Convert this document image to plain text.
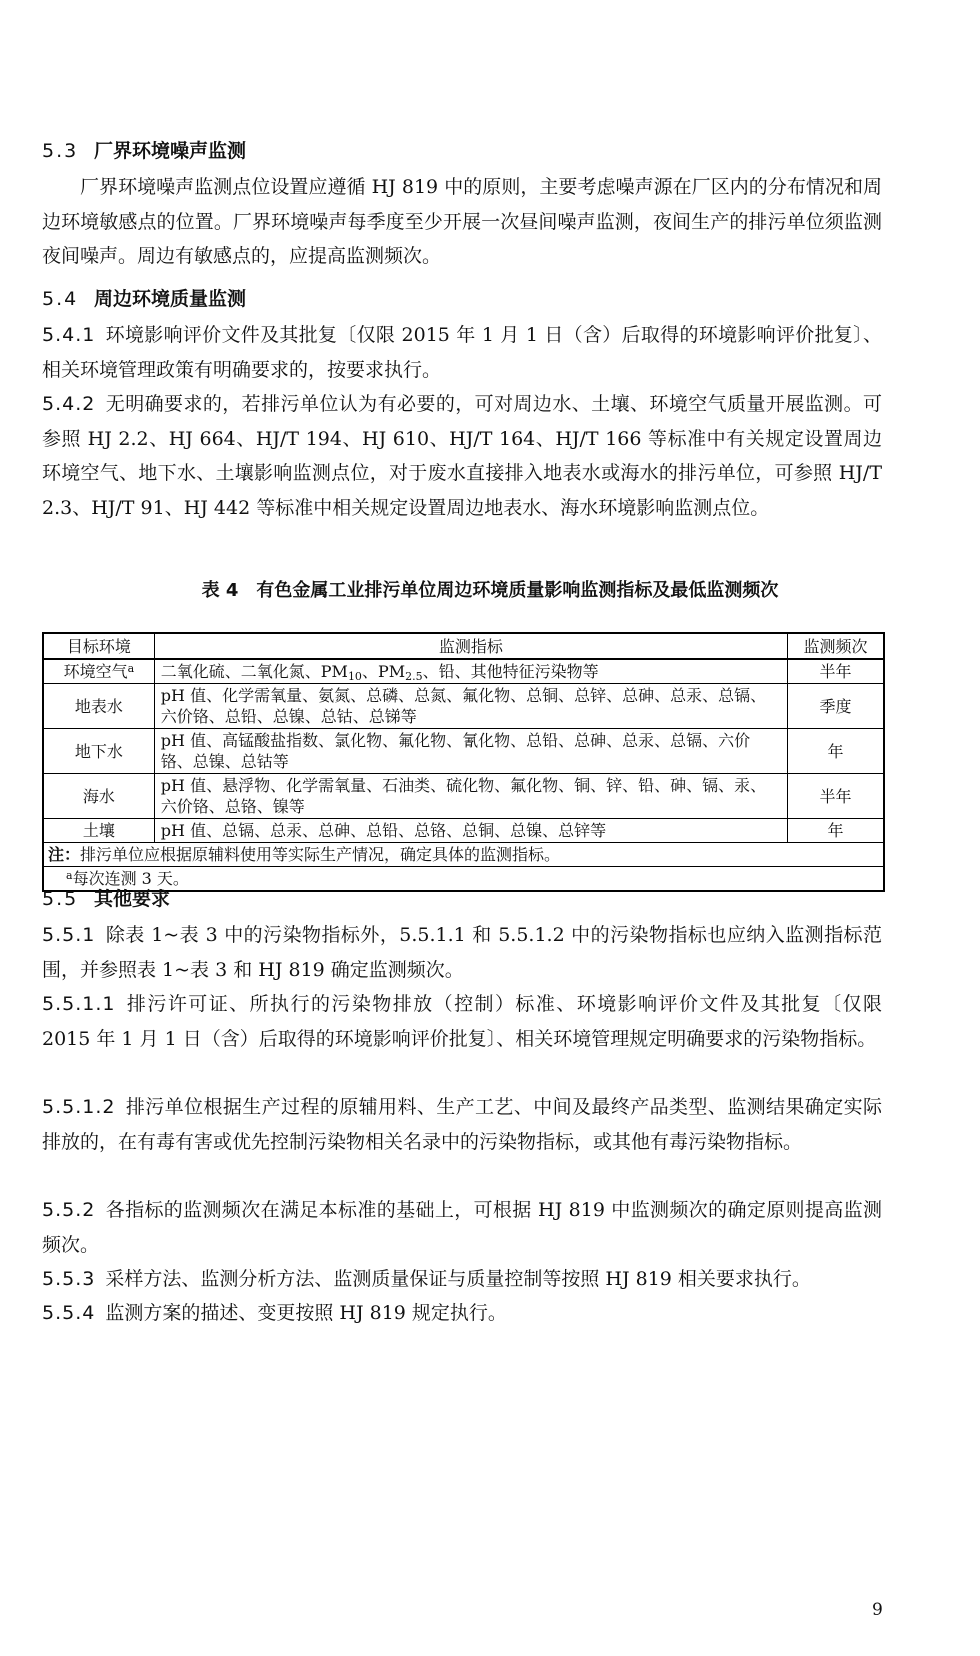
5.3 厂界环境噪声监测
厂界环境噪声监测点位设置应遵循 HJ 819 中的原则，主要考虑噪声源在厂区内的分布情况和周边环境敏感点的位置。厂界环境噪声每季度至少开展一次昼间噪声监测，夜间生产的排污单位须监测夜间噪声。周边有敏感点的，应提高监测频次。
5.4 周边环境质量监测
5.4.1 环境影响评价文件及其批复〔仅限 2015 年 1 月 1 日（含）后取得的环境影响评价批复〕、相关环境管理政策有明确要求的，按要求执行。
5.4.2 无明确要求的，若排污单位认为有必要的，可对周边水、土壤、环境空气质量开展监测。可参照 HJ 2.2、HJ 664、HJ/T 194、HJ 610、HJ/T 164、HJ/T 166 等标准中有关规定设置周边环境空气、地下水、土壤影响监测点位，对于废水直接排入地表水或海水的排污单位，可参照 HJ/T 2.3、HJ/T 91、HJ 442 等标准中相关规定设置周边地表水、海水环境影响监测点位。
表 4　有色金属工业排污单位周边环境质量影响监测指标及最低监测频次
目标环境	监测指标	监测频次
环境空气$^a$	二氧化硫、二氧化氮、$PM_{10}$、$PM_{2.5}$、铅、其他特征污染物等	半年
地表水	pH 值、化学需氧量、氨氮、总磷、总氮、氟化物、总铜、总锌、总砷、总汞、总镉、六价铬、总铅、总镍、总钴、总锑等	季度
地下水	pH 值、高锰酸盐指数、氯化物、氟化物、氰化物、总铅、总砷、总汞、总镉、六价铬、总镍、总钴等	年
海水	pH 值、悬浮物、化学需氧量、石油类、硫化物、氟化物、铜、锌、铅、砷、镉、汞、六价铬、总铬、镍等	半年
土壤	pH 值、总镉、总汞、总砷、总铅、总铬、总铜、总镍、总锌等	年
注：排污单位应根据原辅料使用等实际生产情况，确定具体的监测指标。		
$^a$每次连测 3 天。		
5.5 其他要求
5.5.1 除表 1~表 3 中的污染物指标外，5.5.1.1 和 5.5.1.2 中的污染物指标也应纳入监测指标范围，并参照表 1~表 3 和 HJ 819 确定监测频次。
5.5.1.1 排污许可证、所执行的污染物排放（控制）标准、环境影响评价文件及其批复〔仅限 2015 年 1 月 1 日（含）后取得的环境影响评价批复〕、相关环境管理规定明确要求的污染物指标。
5.5.1.2 排污单位根据生产过程的原辅用料、生产工艺、中间及最终产品类型、监测结果确定实际排放的，在有毒有害或优先控制污染物相关名录中的污染物指标，或其他有毒污染物指标。
5.5.2 各指标的监测频次在满足本标准的基础上，可根据 HJ 819 中监测频次的确定原则提高监测频次。
5.5.3 采样方法、监测分析方法、监测质量保证与质量控制等按照 HJ 819 相关要求执行。
5.5.4 监测方案的描述、变更按照 HJ 819 规定执行。
9
